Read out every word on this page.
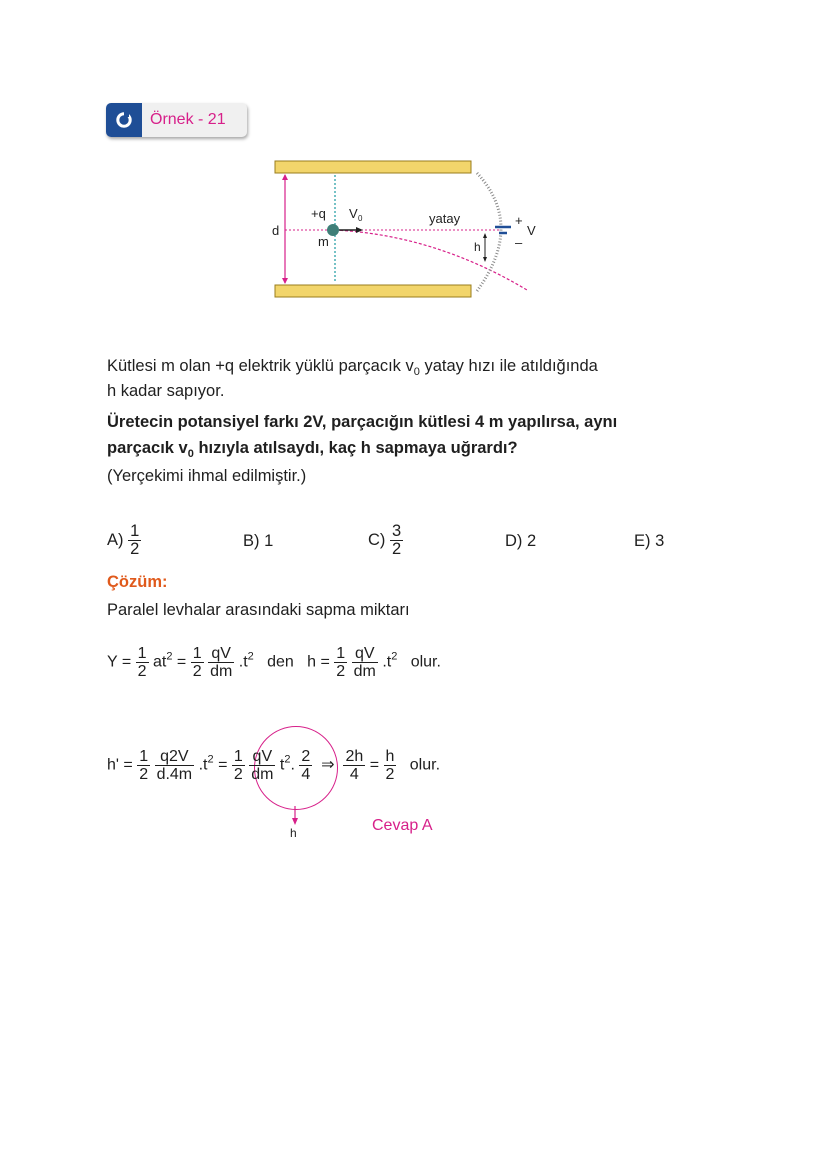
Örnek - 21
d
+q
m
V 0	yatay
h
+
–
V
Kütlesi m olan +q elektrik yüklü parçacık $v_0$ yatay hızı ile atıldığında
h kadar sapıyor.
Üretecin potansiyel farkı 2V, parçacığın kütlesi 4 m yapılırsa, aynı
parçacık $v_0$ hızıyla atılsaydı, kaç h sapmaya uğrardı?
(Yerçekimi ihmal edilmiştir.)
$A) \frac{1}{2}$	B) 1	$C) \frac{3}{2}$	D) 2	E) 3
Çözüm:
Paralel levhalar arasındaki sapma miktarı
$Y = \frac{1}{2} at^2 = \frac{1}{2}$
$\frac{qV}{dm} .t^2$ den $h = \frac{1}{2}$
$\frac{qV}{dm} .t^2$ olur.
$h' = \frac{1}{2}$
$\frac{q2V}{d.4m} .t^2 = \frac{1}{2}$
$\frac{qV}{dm} t^2$. $\frac{2}{4}$ ⇒ $\frac{2h}{4} = \frac{h}{2}$ olur.
h	Cevap A
